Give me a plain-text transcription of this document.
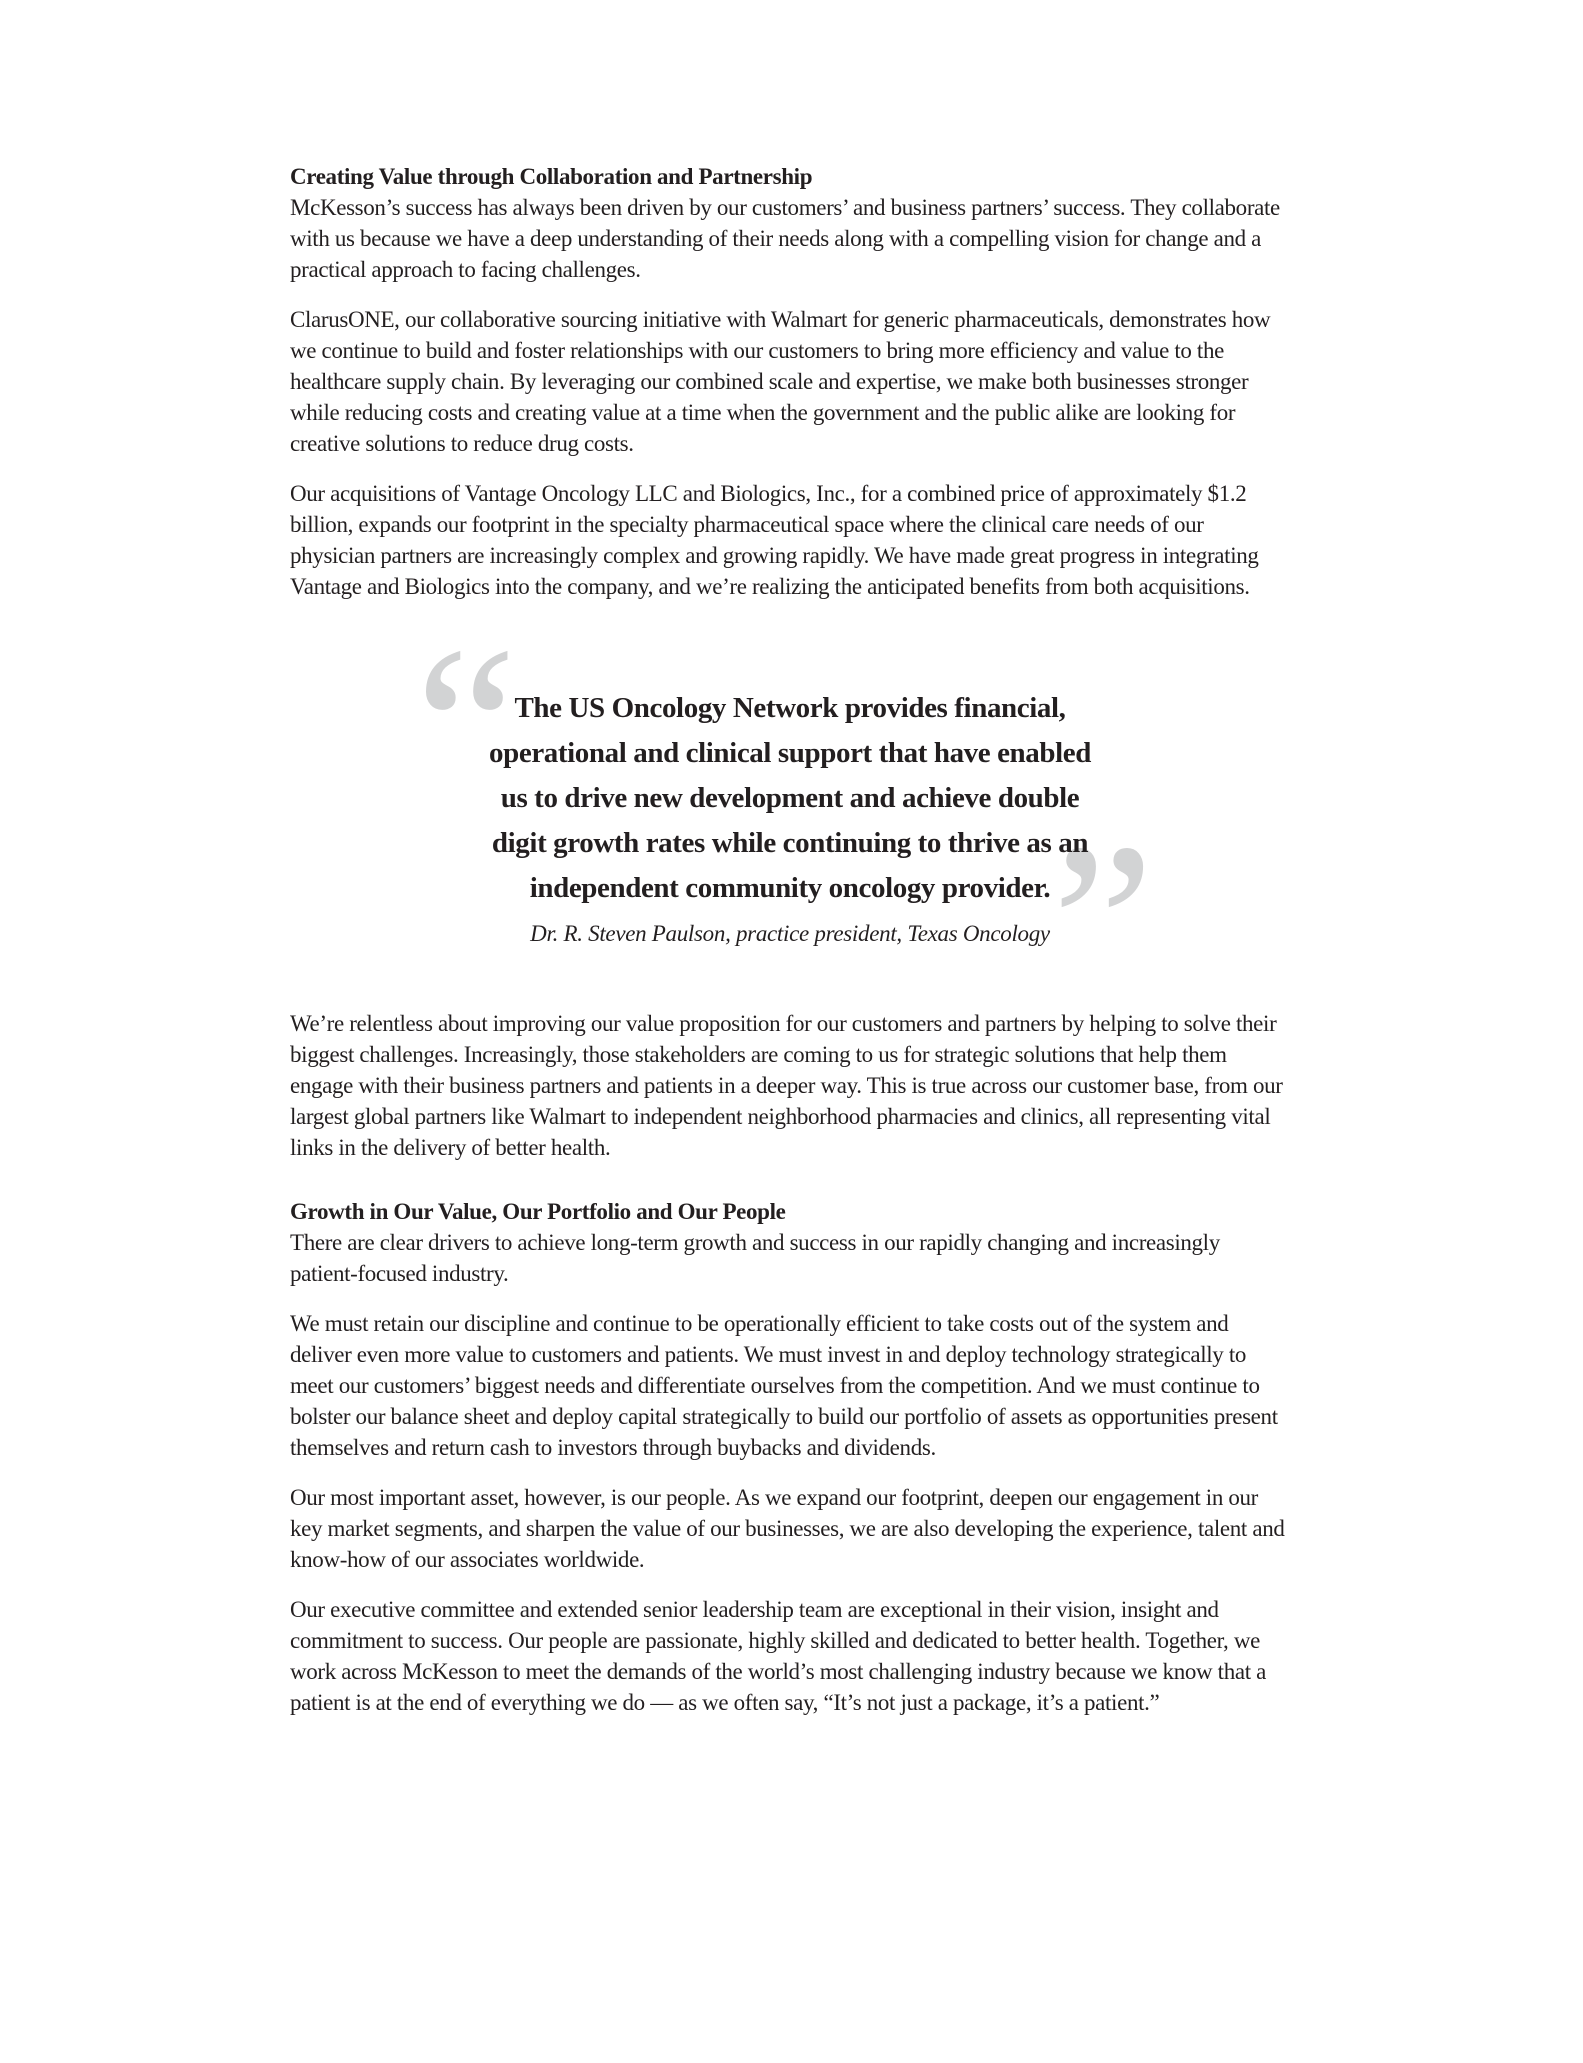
Creating Value through Collaboration and Partnership

McKesson’s success has always been driven by our customers’ and business partners’ success. They collaborate with us because we have a deep understanding of their needs along with a compelling vision for change and a practical approach to facing challenges.

ClarusONE, our collaborative sourcing initiative with Walmart for generic pharmaceuticals, demonstrates how we continue to build and foster relationships with our customers to bring more efficiency and value to the healthcare supply chain. By leveraging our combined scale and expertise, we make both businesses stronger while reducing costs and creating value at a time when the government and the public alike are looking for creative solutions to reduce drug costs.

Our acquisitions of Vantage Oncology LLC and Biologics, Inc., for a combined price of approximately $1.2 billion, expands our footprint in the specialty pharmaceutical space where the clinical care needs of our physician partners are increasingly complex and growing rapidly. We have made great progress in integrating Vantage and Biologics into the company, and we’re realizing the anticipated benefits from both acquisitions.

“
”
The US Oncology Network provides financial,
operational and clinical support that have enabled
us to drive new development and achieve double
digit growth rates while continuing to thrive as an
independent community oncology provider.
Dr. R. Steven Paulson, practice president, Texas Oncology

We’re relentless about improving our value proposition for our customers and partners by helping to solve their biggest challenges. Increasingly, those stakeholders are coming to us for strategic solutions that help them engage with their business partners and patients in a deeper way. This is true across our customer base, from our largest global partners like Walmart to independent neighborhood pharmacies and clinics, all representing vital links in the delivery of better health.

Growth in Our Value, Our Portfolio and Our People

There are clear drivers to achieve long-term growth and success in our rapidly changing and increasingly patient-focused industry.

We must retain our discipline and continue to be operationally efficient to take costs out of the system and deliver even more value to customers and patients. We must invest in and deploy technology strategically to meet our customers’ biggest needs and differentiate ourselves from the competition. And we must continue to bolster our balance sheet and deploy capital strategically to build our portfolio of assets as opportunities present themselves and return cash to investors through buybacks and dividends.

Our most important asset, however, is our people. As we expand our footprint, deepen our engagement in our key market segments, and sharpen the value of our businesses, we are also developing the experience, talent and know-how of our associates worldwide.

Our executive committee and extended senior leadership team are exceptional in their vision, insight and commitment to success. Our people are passionate, highly skilled and dedicated to better health. Together, we work across McKesson to meet the demands of the world’s most challenging industry because we know that a patient is at the end of everything we do — as we often say, “It’s not just a package, it’s a patient.”
